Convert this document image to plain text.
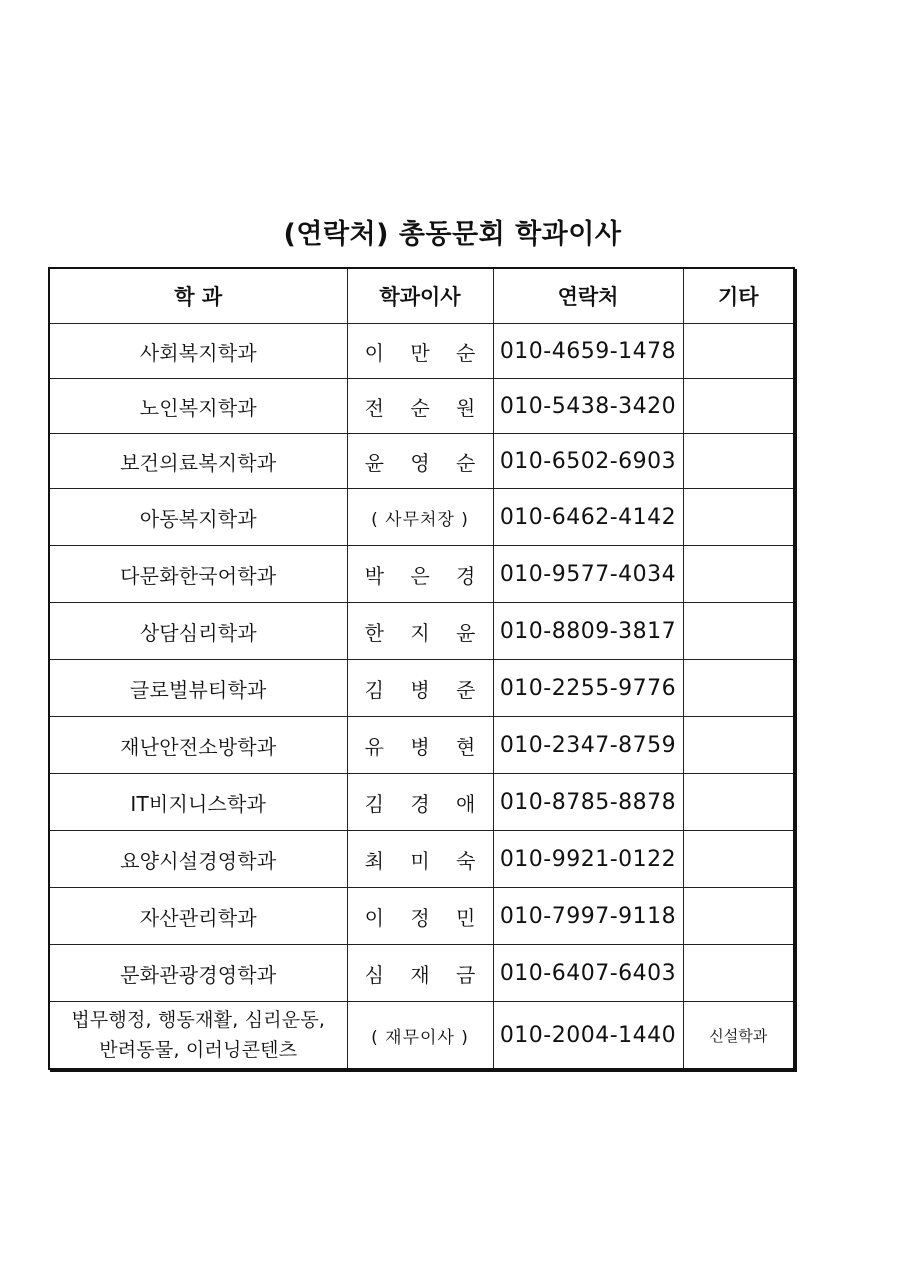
(연락처) 총동문회 학과이사
학 과	학과이사	연락처	기타
사회복지학과	이 만 순	010-4659-1478	
노인복지학과	전 순 원	010-5438-3420	
보건의료복지학과	윤 영 순	010-6502-6903	
아동복지학과	( 사무처장 )	010-6462-4142	
다문화한국어학과	박 은 경	010-9577-4034	
상담심리학과	한 지 윤	010-8809-3817	
글로벌뷰티학과	김 병 준	010-2255-9776	
재난안전소방학과	유 병 현	010-2347-8759	
IT비지니스학과	김 경 애	010-8785-8878	
요양시설경영학과	최 미 숙	010-9921-0122	
자산관리학과	이 정 민	010-7997-9118	
문화관광경영학과	심 재 금	010-6407-6403	

법무행정, 행동재활, 심리운동,
반려동물, 이러닝콘텐츠	( 재무이사 )	010-2004-1440	신설학과
